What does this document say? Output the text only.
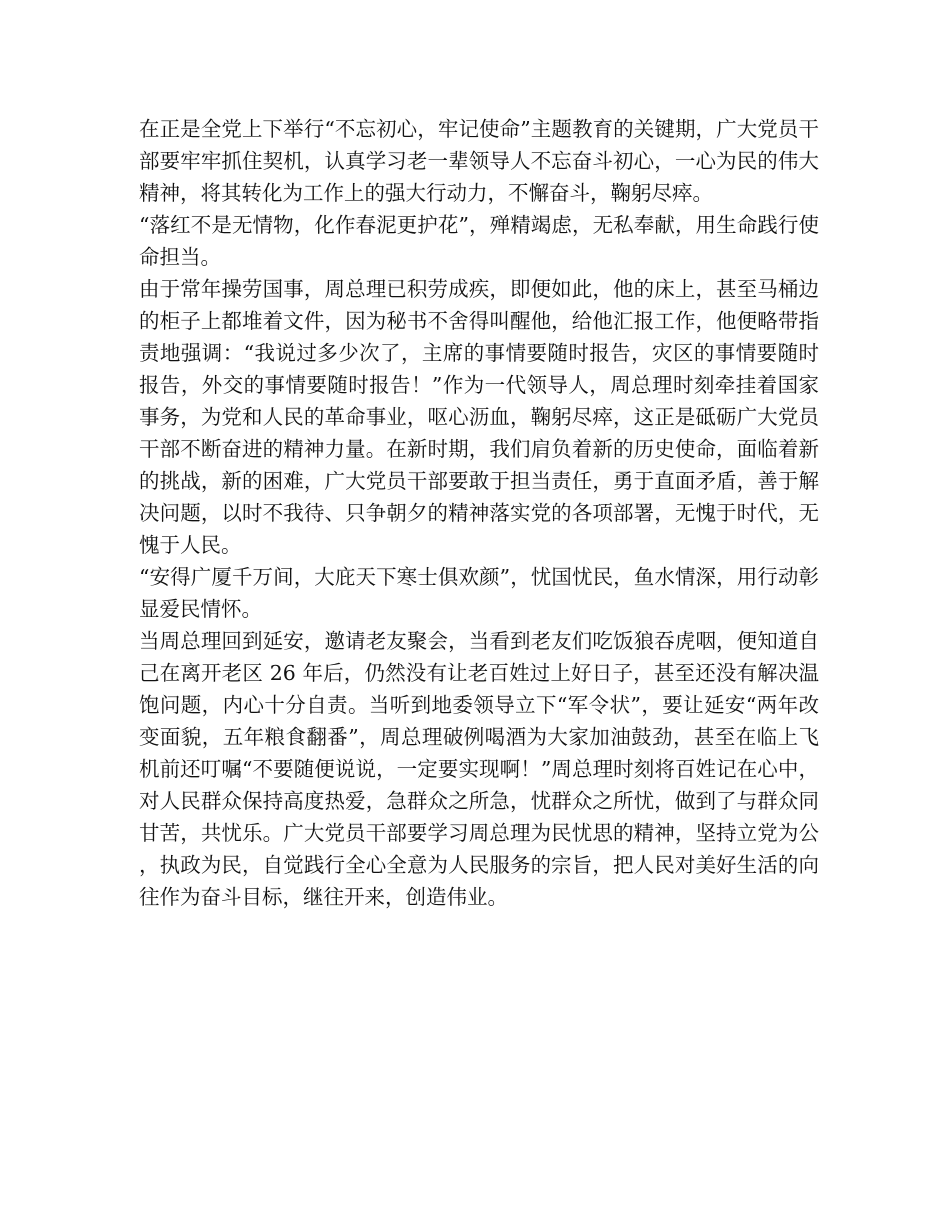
在正是全党上下举行“不忘初心，牢记使命”主题教育的关键期，广大党员干部要牢牢抓住契机，认真学习老一辈领导人不忘奋斗初心，一心为民的伟大精神，将其转化为工作上的强大行动力，不懈奋斗，鞠躬尽瘁。

“落红不是无情物，化作春泥更护花”，殚精竭虑，无私奉献，用生命践行使命担当。

由于常年操劳国事，周总理已积劳成疾，即便如此，他的床上，甚至马桶边的柜子上都堆着文件，因为秘书不舍得叫醒他，给他汇报工作，他便略带指责地强调：“我说过多少次了，主席的事情要随时报告，灾区的事情要随时报告，外交的事情要随时报告！”作为一代领导人，周总理时刻牵挂着国家事务，为党和人民的革命事业，呕心沥血，鞠躬尽瘁，这正是砥砺广大党员干部不断奋进的精神力量。在新时期，我们肩负着新的历史使命，面临着新的挑战，新的困难，广大党员干部要敢于担当责任，勇于直面矛盾，善于解决问题，以时不我待、只争朝夕的精神落实党的各项部署，无愧于时代，无愧于人民。

“安得广厦千万间，大庇天下寒士俱欢颜”，忧国忧民，鱼水情深，用行动彰显爱民情怀。

当周总理回到延安，邀请老友聚会，当看到老友们吃饭狼吞虎咽，便知道自己在离开老区 26 年后，仍然没有让老百姓过上好日子，甚至还没有解决温饱问题，内心十分自责。当听到地委领导立下“军令状”，要让延安“两年改变面貌，五年粮食翻番”，周总理破例喝酒为大家加油鼓劲，甚至在临上飞机前还叮嘱“不要随便说说，一定要实现啊！”周总理时刻将百姓记在心中，对人民群众保持高度热爱，急群众之所急，忧群众之所忧，做到了与群众同甘苦，共忧乐。广大党员干部要学习周总理为民忧思的精神，坚持立党为公，执政为民，自觉践行全心全意为人民服务的宗旨，把人民对美好生活的向往作为奋斗目标，继往开来，创造伟业。
